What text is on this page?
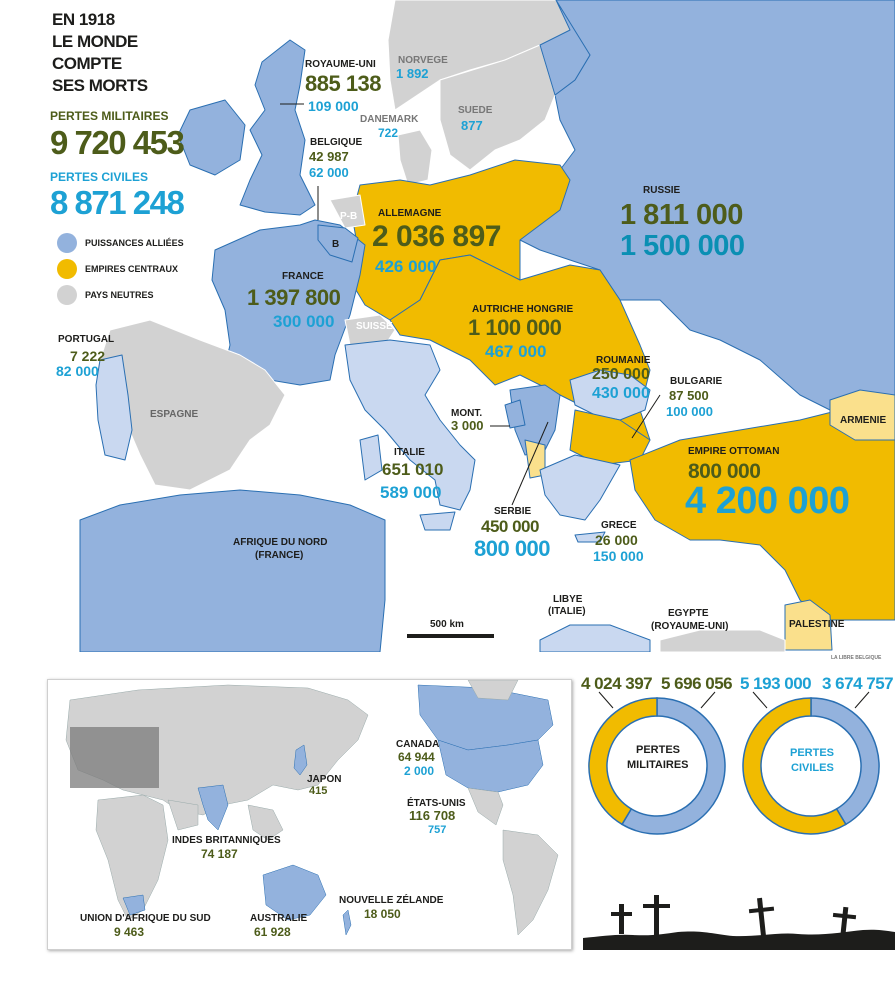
EN 1918
LE MONDE
COMPTE
SES MORTS
PERTES MILITAIRES
9 720 453
PERTES CIVILES
8 871 248
PUISSANCES ALLIÉES
EMPIRES CENTRAUX
PAYS NEUTRES
ROYAUME-UNI
885 138
109 000
NORVEGE
1 892
SUEDE
877
DANEMARK
722
BELGIQUE
42 987
62 000
RUSSIE
1 811 000
1 500 000
P-B
B
ALLEMAGNE
2 036 897
426 000
FRANCE
1 397 800
300 000 SUISSE
AUTRICHE HONGRIE
1 100 000
467 000
PORTUGAL
7 222
82 000
ESPAGNE
ROUMANIE
250 000
430 000
BULGARIE
87 500
100 000
ARMENIE
MONT.
3 000
ITALIE
651 010
589 000
EMPIRE OTTOMAN
800 000
4 200 000
SERBIE
450 000
800 000
GRECE
26 000
150 000
AFRIQUE DU NORD
(FRANCE)
LIBYE
(ITALIE)	EGYPTE
(ROYAUME-UNI)	PALESTINE
500 km
LA LIBRE BELGIQUE
CANADA
64 944
2 000
JAPON
415
ÉTATS-UNIS
116 708
757
INDES BRITANNIQUES
74 187
NOUVELLE ZÉLANDE
18 050
UNION D'AFRIQUE DU SUD
9 463
AUSTRALIE
61 928
4 024 397 5 696 056 5 193 000 3 674 757
PERTES
MILITAIRES
PERTES
CIVILES
